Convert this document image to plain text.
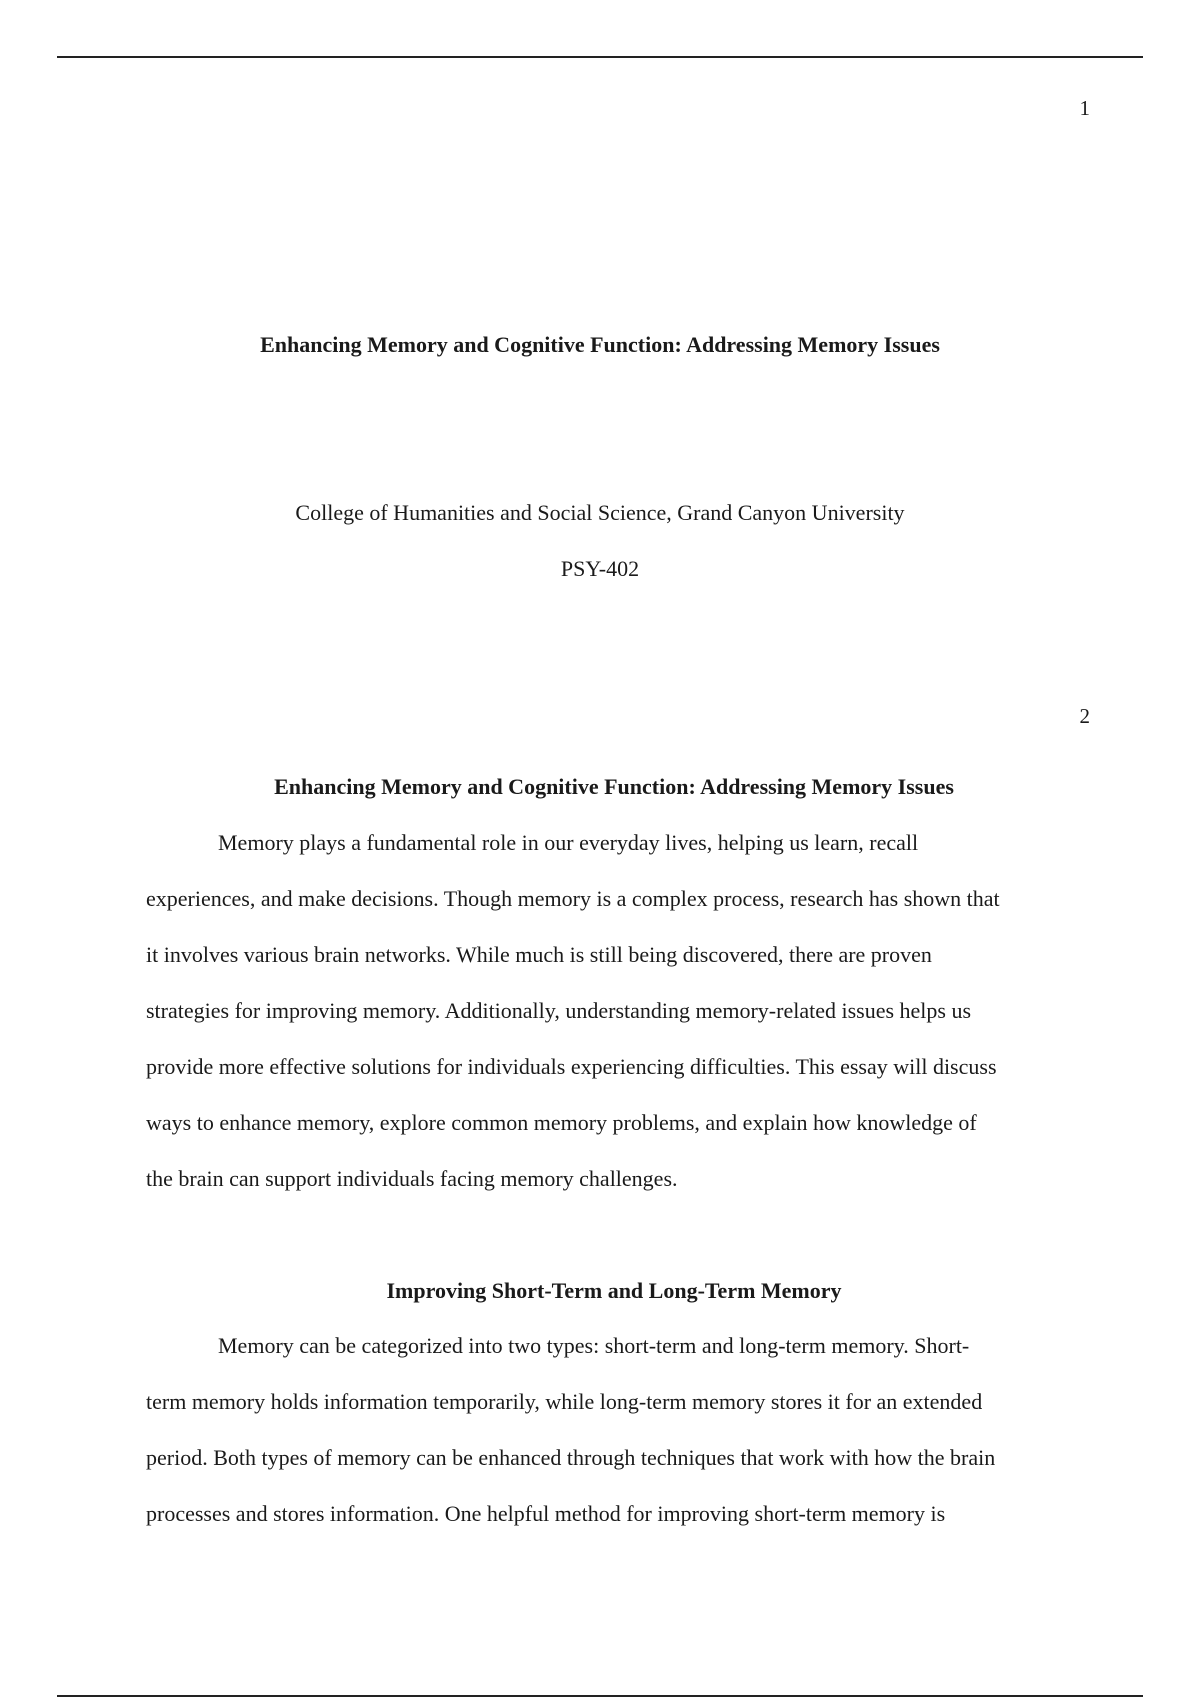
1
Enhancing Memory and Cognitive Function: Addressing Memory Issues
College of Humanities and Social Science, Grand Canyon University
PSY-402
2
Enhancing Memory and Cognitive Function: Addressing Memory Issues
Memory plays a fundamental role in our everyday lives, helping us learn, recall
experiences, and make decisions. Though memory is a complex process, research has shown that
it involves various brain networks. While much is still being discovered, there are proven
strategies for improving memory. Additionally, understanding memory-related issues helps us
provide more effective solutions for individuals experiencing difficulties. This essay will discuss
ways to enhance memory, explore common memory problems, and explain how knowledge of
the brain can support individuals facing memory challenges.
Improving Short-Term and Long-Term Memory
Memory can be categorized into two types: short-term and long-term memory. Short-
term memory holds information temporarily, while long-term memory stores it for an extended
period. Both types of memory can be enhanced through techniques that work with how the brain
processes and stores information. One helpful method for improving short-term memory is
